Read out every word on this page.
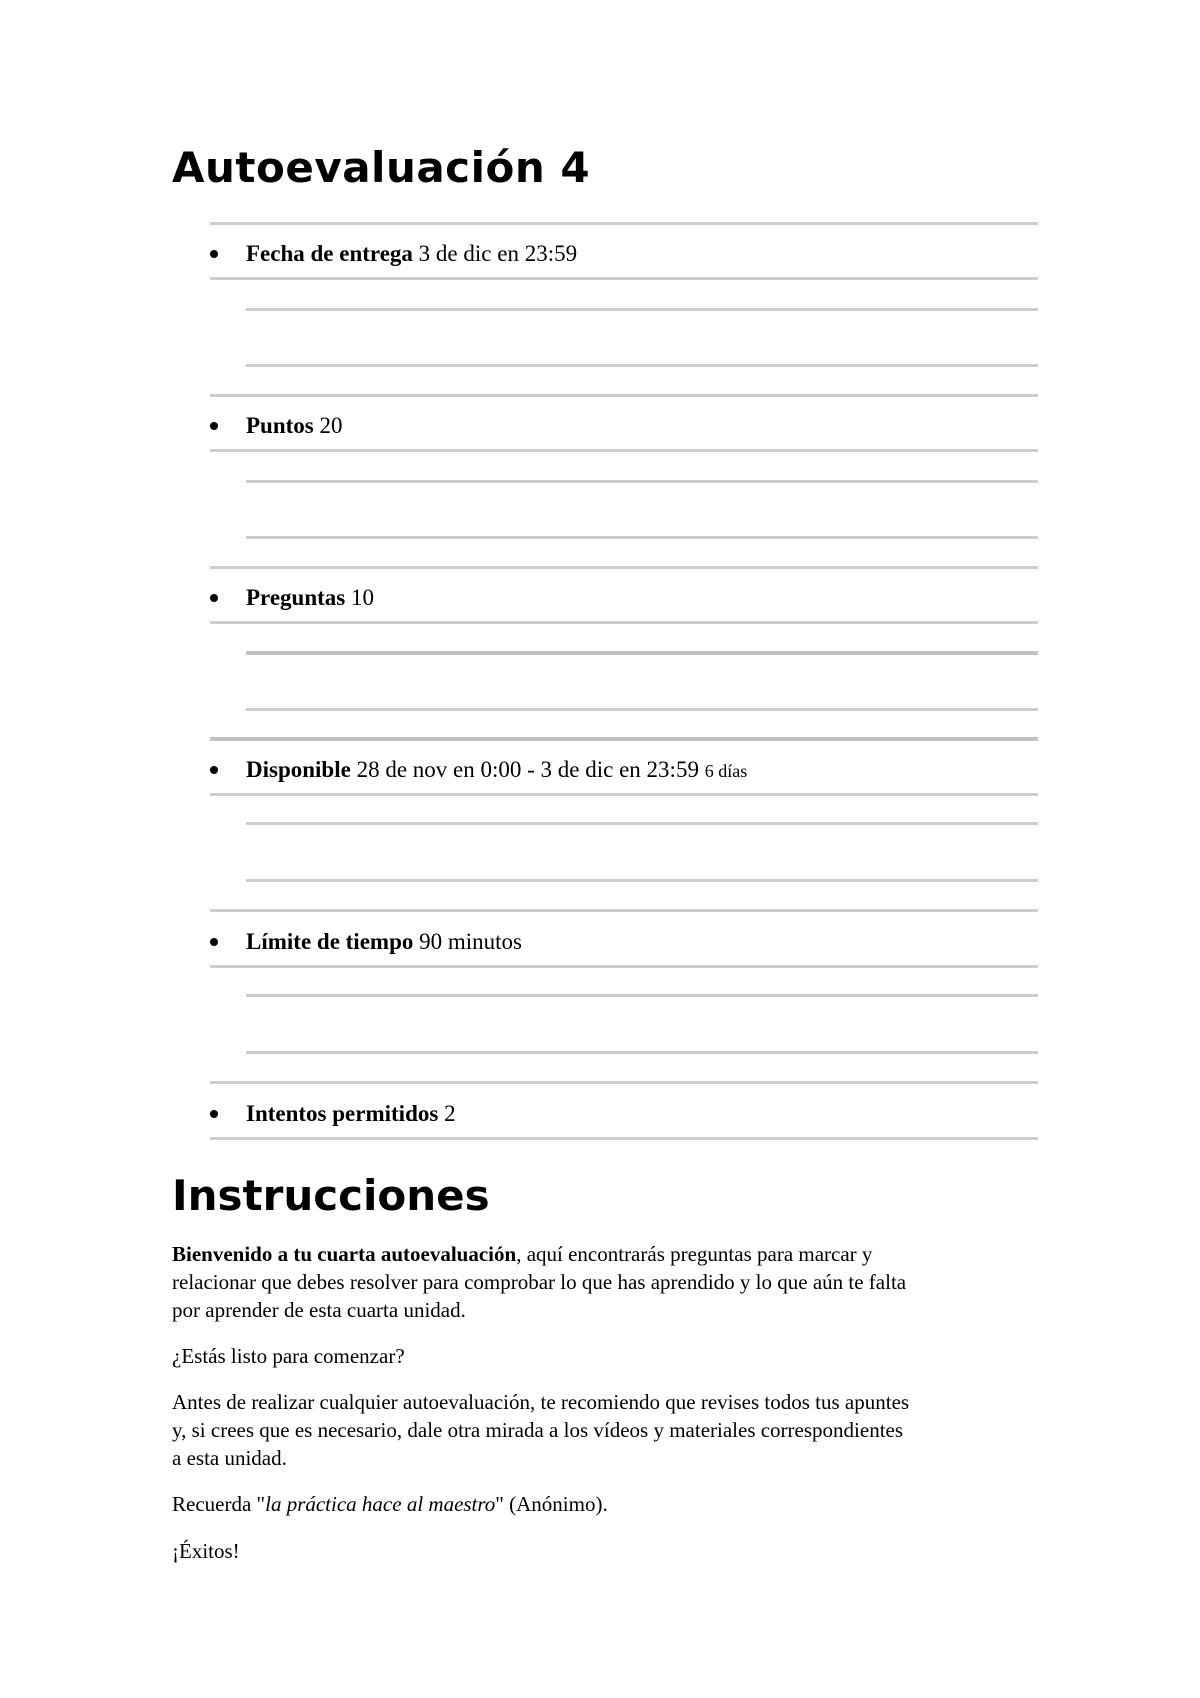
Autoevaluación 4
Fecha de entrega 3 de dic en 23:59
Puntos 20
Preguntas 10
Disponible 28 de nov en 0:00 - 3 de dic en 23:59 6 días
Límite de tiempo 90 minutos
Intentos permitidos 2
Instrucciones
Bienvenido a tu cuarta autoevaluación, aquí encontrarás preguntas para marcar y
relacionar que debes resolver para comprobar lo que has aprendido y lo que aún te falta
por aprender de esta cuarta unidad.
¿Estás listo para comenzar?
Antes de realizar cualquier autoevaluación, te recomiendo que revises todos tus apuntes
y, si crees que es necesario, dale otra mirada a los vídeos y materiales correspondientes
a esta unidad.
Recuerda "la práctica hace al maestro" (Anónimo).
¡Éxitos!
